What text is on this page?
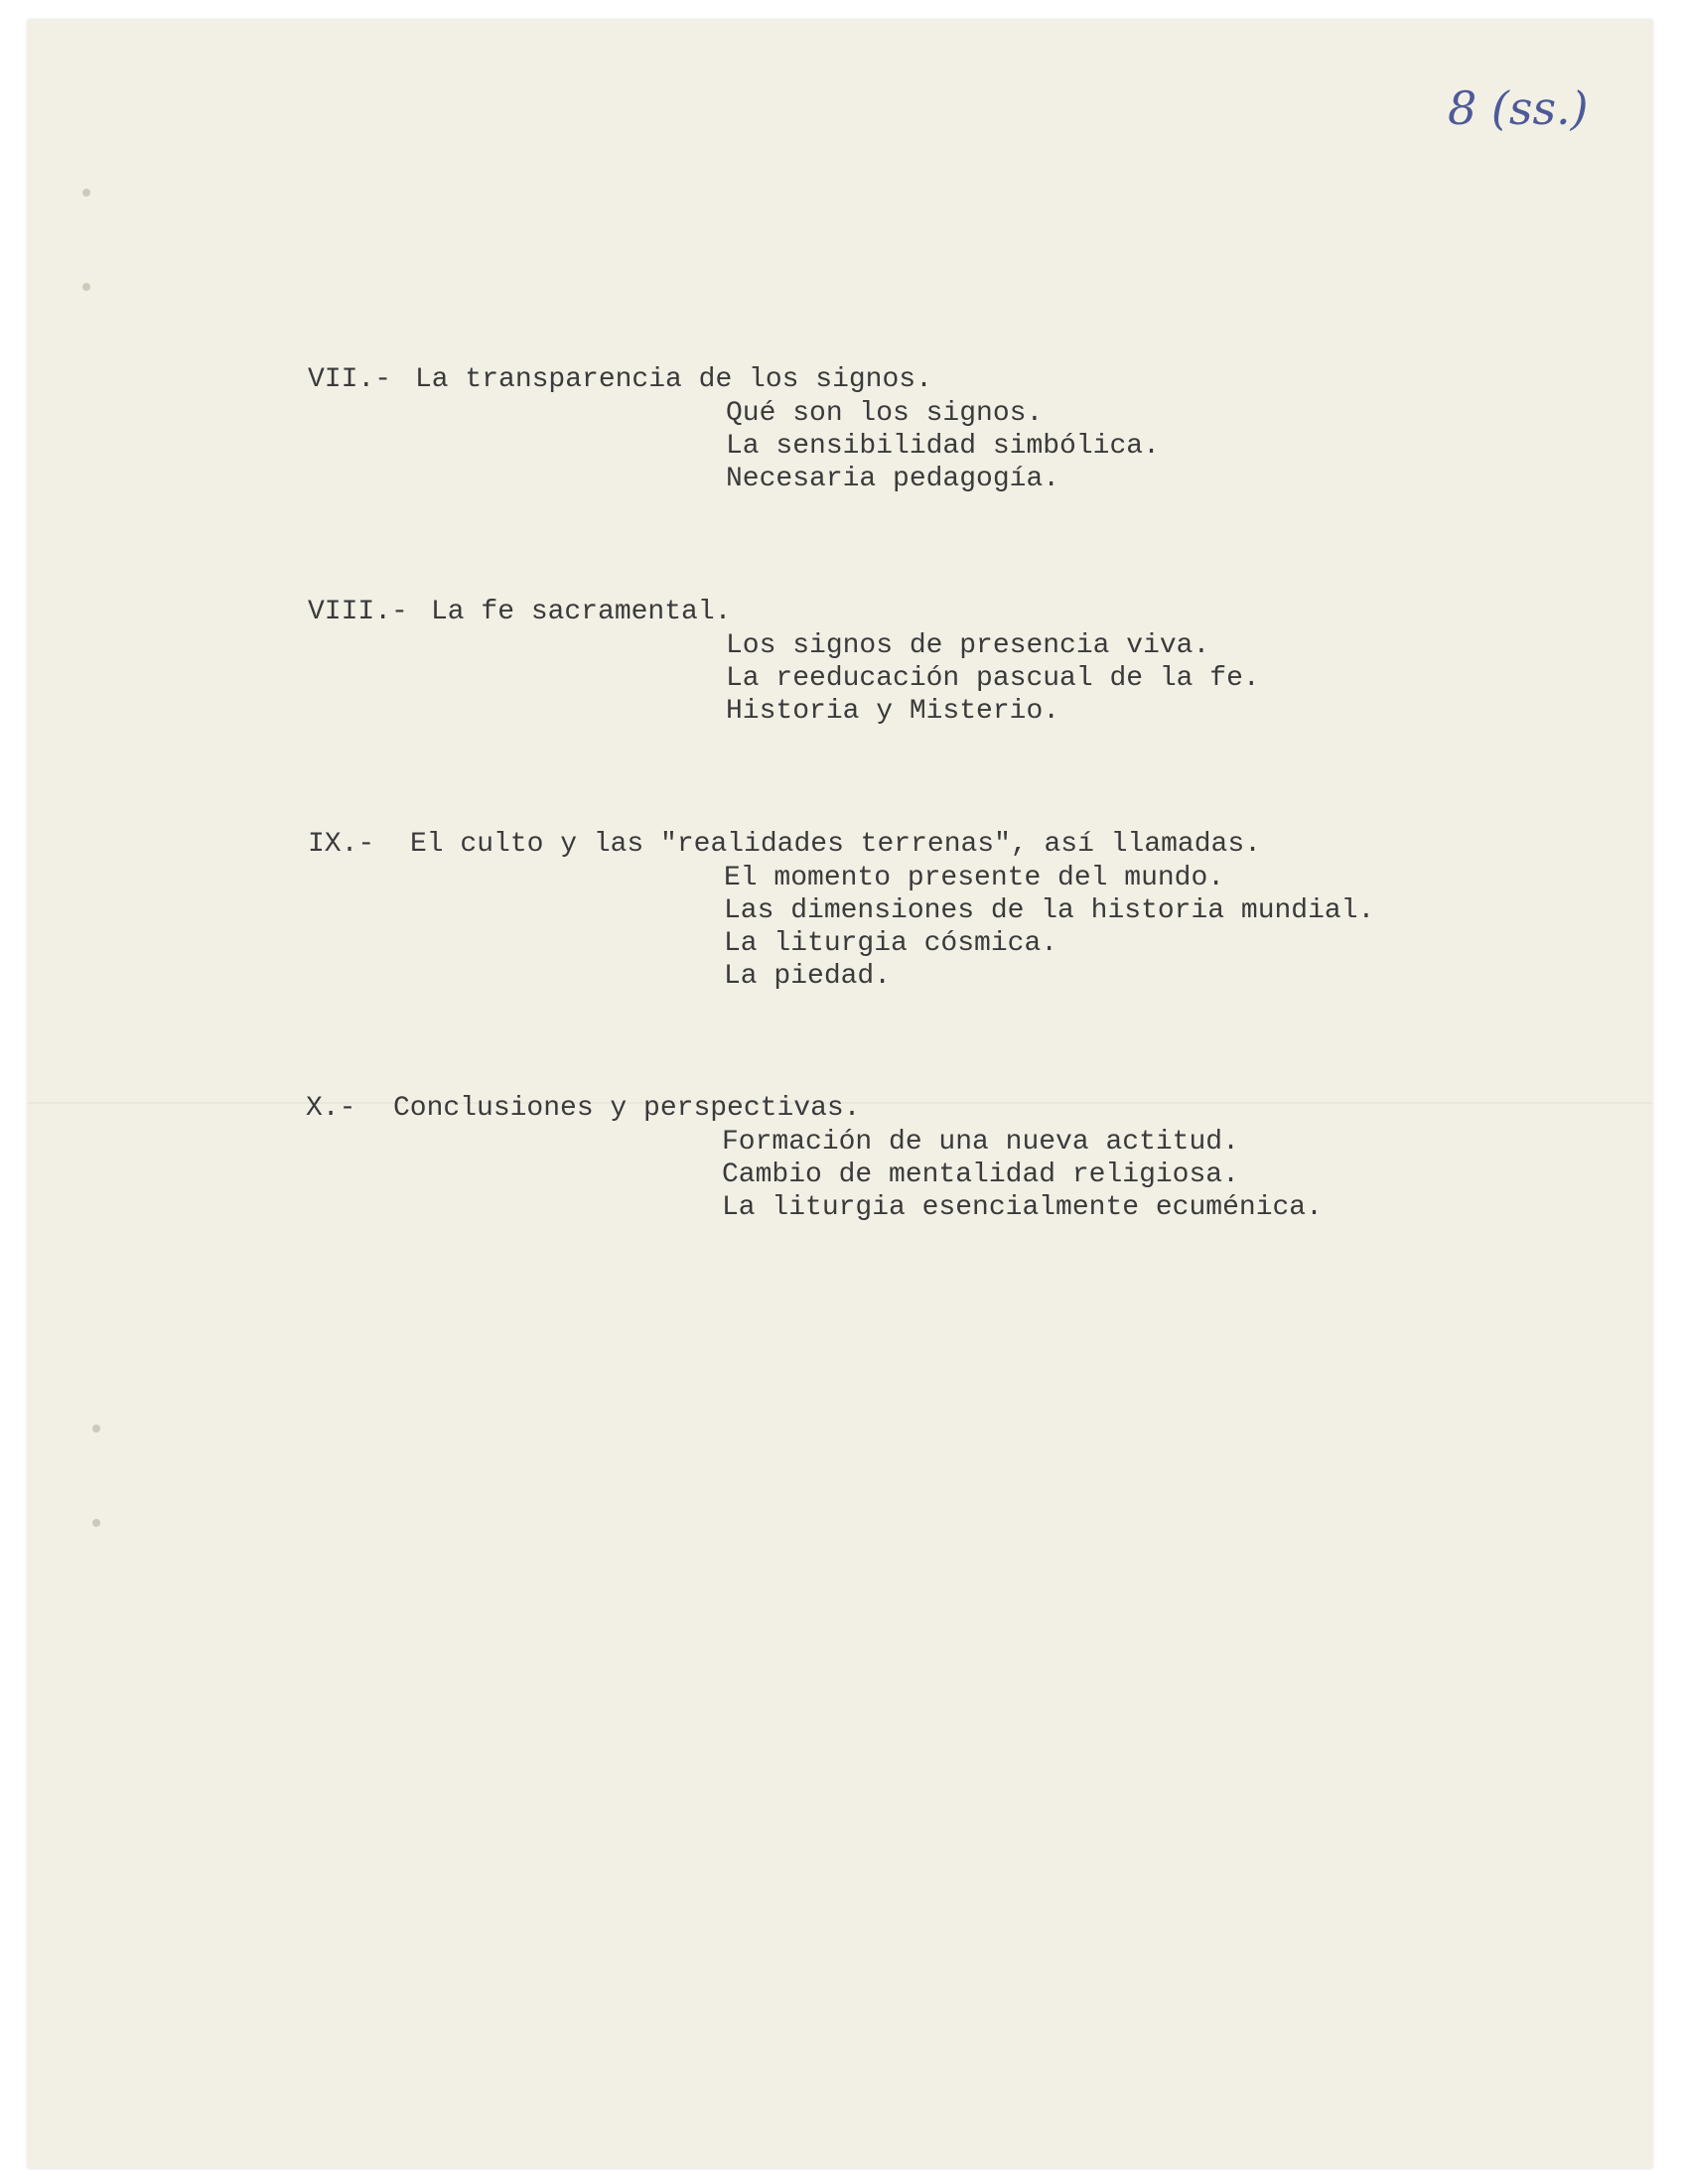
8 (ss.)
VII.- La transparencia de los signos.
Qué son los signos.
La sensibilidad simbólica.
Necesaria pedagogía.
VIII.- La fe sacramental.
Los signos de presencia viva.
La reeducación pascual de la fe.
Historia y Misterio.
IX.- El culto y las "realidades terrenas", así llamadas.
El momento presente del mundo.
Las dimensiones de la historia mundial.
La liturgia cósmica.
La piedad.
X.- Conclusiones y perspectivas.
Formación de una nueva actitud.
Cambio de mentalidad religiosa.
La liturgia esencialmente ecuménica.
